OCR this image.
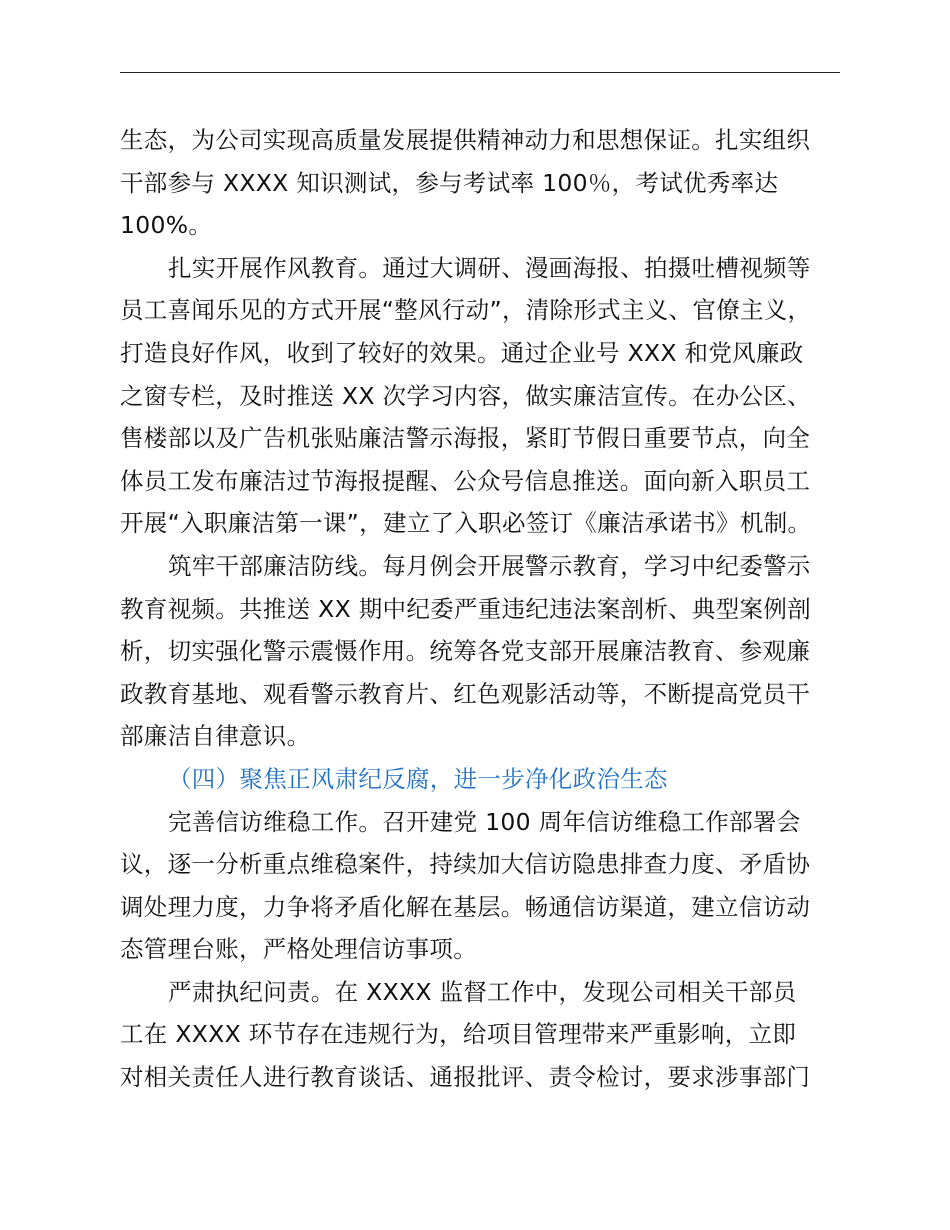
生态，为公司实现高质量发展提供精神动力和思想保证。扎实组织
干部参与 XXXX 知识测试，参与考试率 100％，考试优秀率达
100%。
扎实开展作风教育。通过大调研、漫画海报、拍摄吐槽视频等
员工喜闻乐见的方式开展“整风行动”，清除形式主义、官僚主义，
打造良好作风，收到了较好的效果。通过企业号 XXX 和党风廉政
之窗专栏，及时推送 XX 次学习内容，做实廉洁宣传。在办公区、
售楼部以及广告机张贴廉洁警示海报，紧盯节假日重要节点，向全
体员工发布廉洁过节海报提醒、公众号信息推送。面向新入职员工
开展“入职廉洁第一课”，建立了入职必签订《廉洁承诺书》机制。
筑牢干部廉洁防线。每月例会开展警示教育，学习中纪委警示
教育视频。共推送 XX 期中纪委严重违纪违法案剖析、典型案例剖
析，切实强化警示震慑作用。统筹各党支部开展廉洁教育、参观廉
政教育基地、观看警示教育片、红色观影活动等，不断提高党员干
部廉洁自律意识。
（四）聚焦正风肃纪反腐，进一步净化政治生态
完善信访维稳工作。召开建党 100 周年信访维稳工作部署会
议，逐一分析重点维稳案件，持续加大信访隐患排查力度、矛盾协
调处理力度，力争将矛盾化解在基层。畅通信访渠道，建立信访动
态管理台账，严格处理信访事项。
严肃执纪问责。在 XXXX 监督工作中，发现公司相关干部员
工在 XXXX 环节存在违规行为，给项目管理带来严重影响，立即
对相关责任人进行教育谈话、通报批评、责令检讨，要求涉事部门
